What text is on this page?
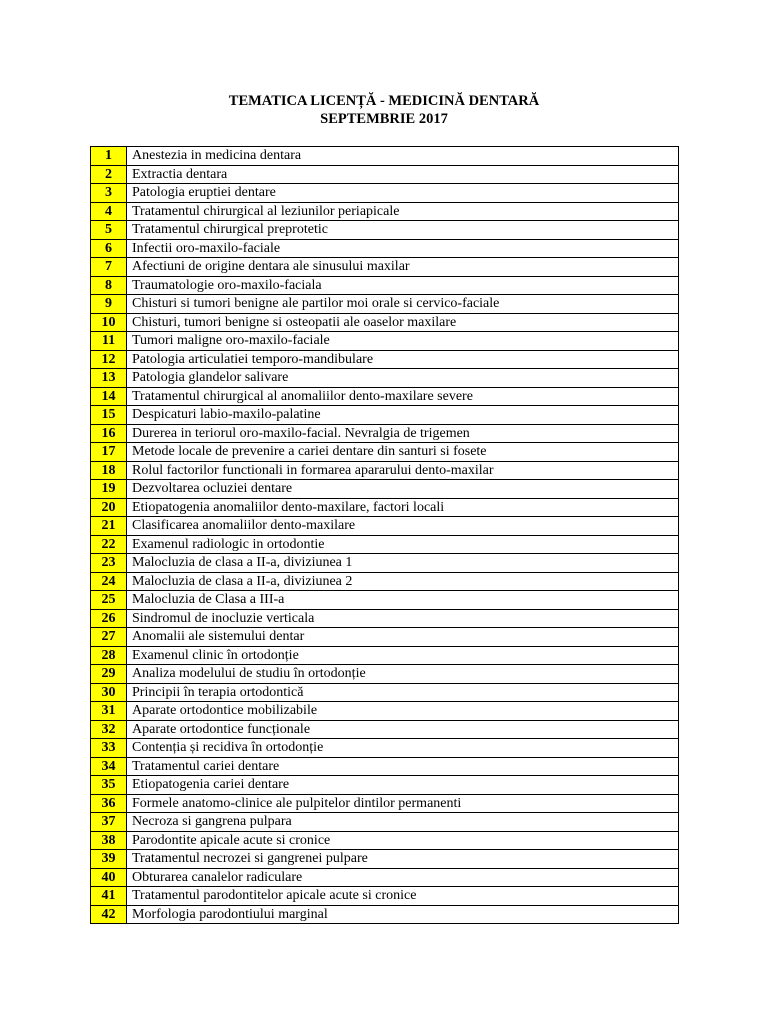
TEMATICA LICENȚĂ - MEDICINĂ DENTARĂ
SEPTEMBRIE 2017
1	Anestezia in medicina dentara
2	Extractia dentara
3	Patologia eruptiei dentare
4	Tratamentul chirurgical al leziunilor periapicale
5	Tratamentul chirurgical preprotetic
6	Infectii oro-maxilo-faciale
7	Afectiuni de origine dentara ale sinusului maxilar
8	Traumatologie oro-maxilo-faciala
9	Chisturi si tumori benigne ale partilor moi orale si cervico-faciale
10	Chisturi, tumori benigne si osteopatii ale oaselor maxilare
11	Tumori maligne oro-maxilo-faciale
12	Patologia articulatiei temporo-mandibulare
13	Patologia glandelor salivare
14	Tratamentul chirurgical al anomaliilor dento-maxilare severe
15	Despicaturi labio-maxilo-palatine
16	Durerea in teriorul oro-maxilo-facial. Nevralgia de trigemen
17	Metode locale de prevenire a cariei dentare din santuri si fosete
18	Rolul factorilor functionali in formarea apararului dento-maxilar
19	Dezvoltarea ocluziei dentare
20	Etiopatogenia anomaliilor dento-maxilare, factori locali
21	Clasificarea anomaliilor dento-maxilare
22	Examenul radiologic in ortodontie
23	Malocluzia de clasa a II-a, diviziunea 1
24	Malocluzia de clasa a II-a, diviziunea 2
25	Malocluzia de Clasa a III-a
26	Sindromul de inocluzie verticala
27	Anomalii ale sistemului dentar
28	Examenul clinic în ortodonție
29	Analiza modelului de studiu în ortodonție
30	Principii în terapia ortodontică
31	Aparate ortodontice mobilizabile
32	Aparate ortodontice funcționale
33	Contenția și recidiva în ortodonție
34	Tratamentul cariei dentare
35	Etiopatogenia cariei dentare
36	Formele anatomo-clinice ale pulpitelor dintilor permanenti
37	Necroza si gangrena pulpara
38	Parodontite apicale acute si cronice
39	Tratamentul necrozei si gangrenei pulpare
40	Obturarea canalelor radiculare
41	Tratamentul parodontitelor apicale acute si cronice
42	Morfologia parodontiului marginal
